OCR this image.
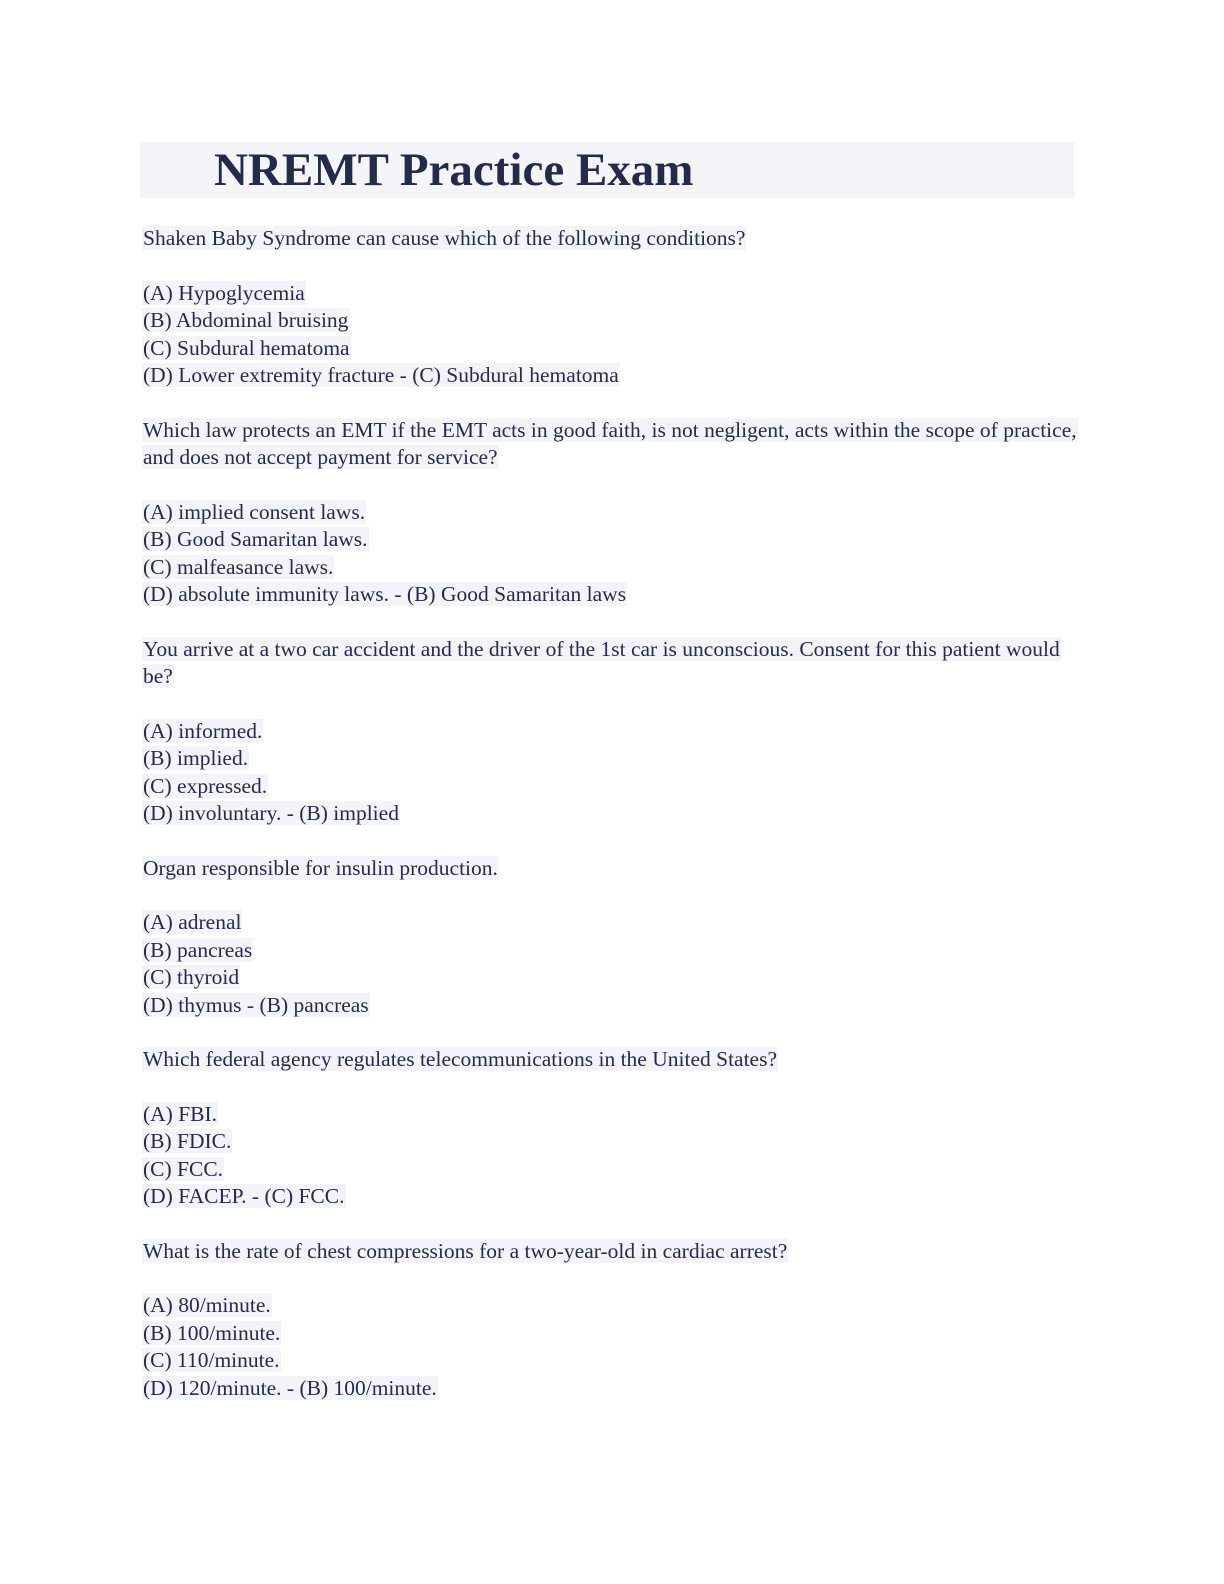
NREMT Practice Exam

Shaken Baby Syndrome can cause which of the following conditions?

(A) Hypoglycemia
(B) Abdominal bruising
(C) Subdural hematoma
(D) Lower extremity fracture - (C) Subdural hematoma

Which law protects an EMT if the EMT acts in good faith, is not negligent, acts within the scope of practice, and does not accept payment for service?

(A) implied consent laws.
(B) Good Samaritan laws.
(C) malfeasance laws.
(D) absolute immunity laws. - (B) Good Samaritan laws

You arrive at a two car accident and the driver of the 1st car is unconscious. Consent for this patient would be?

(A) informed.
(B) implied.
(C) expressed.
(D) involuntary. - (B) implied

Organ responsible for insulin production.

(A) adrenal
(B) pancreas
(C) thyroid
(D) thymus - (B) pancreas

Which federal agency regulates telecommunications in the United States?

(A) FBI.
(B) FDIC.
(C) FCC.
(D) FACEP. - (C) FCC.

What is the rate of chest compressions for a two-year-old in cardiac arrest?

(A) 80/minute.
(B) 100/minute.
(C) 110/minute.
(D) 120/minute. - (B) 100/minute.
